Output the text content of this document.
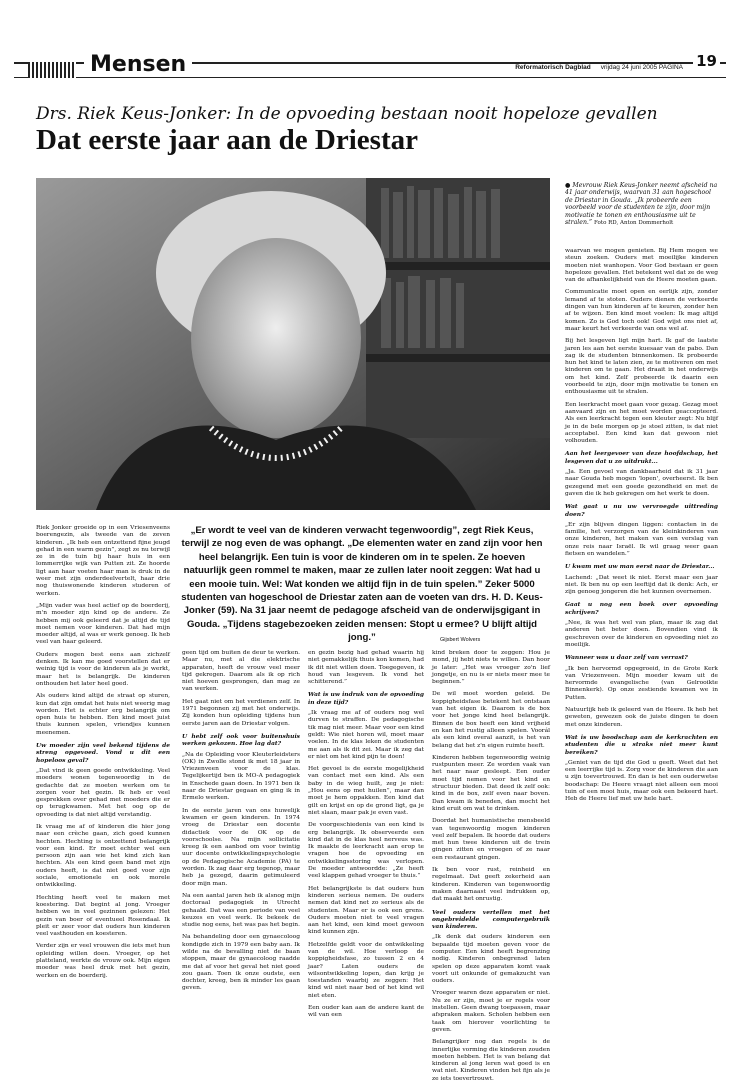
Mensen	Reformatorisch Dagblad vrijdag 24 juni 2005 PAGINA 19
Drs. Riek Keus-Jonker: In de opvoeding bestaan nooit hopeloze gevallen
Dat eerste jaar aan de Driestar
● Mevrouw Riek Keus-Jonker neemt afscheid na 41 jaar onderwijs, waarvan 31 aan hogeschool de Driestar in Gouda. „Ik probeerde een voorbeeld voor de studenten te zijn, door mijn motivatie te tonen en enthousiasme uit te stralen.” Foto RD, Anton Dommerholt
„Er wordt te veel van de kinderen verwacht tegenwoordig”, zegt Riek Keus, terwijl ze nog even de was ophangt. „De elementen water en zand zijn voor hen heel belangrijk. Een tuin is voor de kinderen om in te spelen. Ze hoeven natuurlijk geen rommel te maken, maar ze zullen later nooit zeggen: Wat had u een mooie tuin. Wel: Wat konden we altijd fijn in de tuin spelen.” Zeker 5000 studenten van hogeschool de Driestar zaten aan de voeten van drs. H. D. Keus-Jonker (59). Na 31 jaar neemt de pedagoge afscheid van de onderwijsgigant in Gouda. „Tijdens stagebezoeken zeiden mensen: Stopt u ermee? U blijft altijd jong.”	Gijsbert Wolvers

Riek Jonker groeide op in een Vriesenveens boerengezin, als tweede van de zeven kinderen. „Ik heb een ontzettend fijne jeugd gehad in een warm gezin”, zegt ze nu terwijl ze in de tuin bij haar huis in een lommerrijke wijk van Putten zit. Ze hoorde ligt aan haar voeten haar man is druk in de weer met zijn onderdeelvertelt, haar drie nog thuiswonende kinderen studeren of werken.

„Mijn vader was heel actief op de boerderij, m'n moeder zijn kind op de andere. Ze hebben mij ook geleerd dat je altijd de tijd moet nemen voor kinderen. Dat had mijn moeder altijd, al was er werk genoeg. Ik heb veel van haar geleerd.

Ouders mogen best eens aan zichzelf denken. Ik kan me goed voorstellen dat er weinig tijd is voor de kinderen als je werkt, maar het is belangrijk. De kinderen onthouden het later heel goed.

Als ouders kind altijd de straat op sturen, kun dat zijn omdat het huis niet weerig mag worden. Het is echter erg belangrijk om open huis te hebben. Een kind moet juist thuis kunnen spelen, vriendjes kunnen meenemen.

Uw moeder zijn veel bekend tijdens de streng opgevoed. Vond u dit een hopeloos geval?

„Dat vind ik geen goede ontwikkeling. Veel moeders wonen tegenwoordig in de gedachte dat ze moeten werken om te zorgen voor het gezin. Ik heb er veel gesprekken over gehad met moeders die er op terugkwamen. Met het oog op de opvoeding is dat niet altijd verstandig.

Ik vraag me af of kinderen die hier jong naar een crèche gaan, zich goed kunnen hechten. Hechting is ontzettend belangrijk voor een kind. Er moet echter wel een persoon zijn aan wie het kind zich kan hechten. Als een kind geen band met zijn ouders heeft, is dat niet goed voor zijn sociale, emotionele en ook morele ontwikkeling.

Hechting heeft veel te maken met koestering. Dat begint al jong. Vroeger hebben we in veel gezinnen gelezen: Het gezin van boer of eventueel Rosendaal. Ik pleit er zeer voor dat ouders hun kinderen veel vasthouden en koesteren.

Verder zijn er veel vrouwen die iets met hun opleiding willen doen. Vroeger, op het platteland, werkte de vrouw ook. Mijn eigen moeder was heel druk met het gezin, werken en de boerderij.

geen tijd om buiten de deur te werken. Maar nu, met al die elektrische apparaten, heeft de vrouw veel meer tijd gekregen. Daarom als ik op rich niet hoeven gesprongen, dan mag ze van werken.

Het gaat niet om het verdienen zelf. In 1971 begonnen zij met het onderwijs. Zij konden hun opleiding tijdens hun eerste jaren aan de Driestar volgen.

U hebt zelf ook voor buitenshuis werken gekozen. Hoe lag dat?

„Na de Opleiding voor Kleuterleidsters (OK) in Zwolle stond ik met 18 jaar in Vriezenveen voor de klas. Tegelijkertijd ben ik MO-A pedagogiek in Enschede gaan doen. In 1971 ben ik naar de Driestar gegaan en ging ik in Ermelo werken.

In de eerste jaren van ons huwelijk kwamen er geen kinderen. In 1974 vroeg de Driestar een docente didactiek voor de OK op de voorschoolse. Na mijn sollicitatie kreeg ik een aanbod om voor twintig uur docente ontwikkelingspsychologie op de Pedagogische Academie (PA) te worden. Ik zag daar erg tegenop, maar heb ja gezegd, daarin getimuleerd door mijn man.

Na een aantal jaren heb ik alsnog mijn doctoraal pedagogiek in Utrecht gehaald. Dat was een periode van veel keuzes en veel werk. Ik bekeek de studie nog eens, het was pas het begin.

Na behandeling door een gynaecoloog kondigde zich in 1979 een baby aan. Ik wilde na de bevalling niet de baan stoppen, maar de gynaecoloog raadde me dat af voor het geval het niet goed zou gaan. Toen ik onze oudste, een dochter, kreeg, ben ik minder les gaan geven.

en gezin bezig had gehad waarin hij niet gemakkelijk thuis kon komen, had ik dit niet willen doen. Toegegeven, ik houd van lesgeven. Ik vond het schitterend.”

Wat is uw indruk van de opvoeding in deze tijd?

„Ik vraag me af of ouders nog wel durven te straffen. De pedagogische tik mag niet meer. Maar voor een kind geldt: Wie niet horen wil, moet maar voelen. In de klas leken de studenten me aan als ik dit zei. Maar ik zeg dat er niet om het kind pijn te doen!

Het gevoel is de eerste mogelijkheid van contact met een kind. Als een baby in de wieg huilt, zeg je niet: „Hou eens op met huilen”, maar dan moet je hem oppakken. Een kind dat gilt en krijst en op de grond ligt, ga je niet slaan, maar pak je even vast.

De voorgeschiedenis van een kind is erg belangrijk. Ik observeerde een kind dat in de klas heel nerveus was. Ik maakte de leerkracht aan erop te vragen hoe de opvoeding en ontwikkelingsstoring was verlopen. De moeder antwoordde: „Ze heeft veel klappen gehad vroeger te thuis.”

Het belangrijkste is dat ouders hun kinderen serieus nemen. De ouders nemen dat kind net zo serieus als de studenten. Maar er is ook een grens. Ouders moeten niet te veel vragen aan het kind, een kind moet gewoon kind kunnen zijn.

Hetzelfde geldt voor de ontwikkeling van de wil. Hoe verloop de koppigheidsfase, zo tussen 2 en 4 jaar? Laten ouders de wilsontwikkeling lopen, dan krijg je toestanden waarbij ze zeggen: Het kind wil niet naar bed of het kind wil niet eten.

Een ouder kan aan de andere kant de wil van een

kind breken door te zeggen: Hou je mond, jij hebt niets te willen. Dan hoor je later: „Het was vroeger zo'n lief jongetje, en nu is er niets meer mee te beginnen.”

De wil moet worden geleid. De koppigheidsfase betekent het ontstaan van het eigen ik. Daarom is de box voor het jonge kind heel belangrijk. Binnen de box heeft een kind vrijheid en kan het rustig alleen spelen. Voorál als een kind overal aanzit, is het van belang dat het z'n eigen ruimte heeft.

Kinderen hebben tegenwoordig weinig rustpunten meer. Ze worden vaak van het naar naar gesleept. Een ouder moet tijd nemen voor het kind en structuur bieden. Dat deed ik zelf ook: kind in de box, zelf even naar boven. Dan kwam ik beneden, dan mocht het kind eruit om wat te drinken.

Doordat het humanistische mensbeeld van tegenwoordig mogen kinderen veel zelf bepalen. Ik hoorde dat ouders met hun twee kinderen uit de trein gingen zitten en vroegen of ze naar een restaurant gingen.

Ik ben voor rust, reinheid en regelmaat. Dat geeft zekerheid aan kinderen. Kinderen van tegenwoordig maken daarnaast veel indrukken op, dat maakt het onrustig.

Veel ouders vertellen met het ongebreidelde computergebruik van kinderen.

„Ik denk dat ouders kinderen een bepaalde tijd moeten geven voor de computer. Een kind heeft begrenzing nodig. Kinderen onbegrensd laten spelen op deze apparaten komt vaak voort uit onkunde of gemakzucht van ouders.

Vroeger waren deze apparaten er niet. Nu ze er zijn, moet je er regels voor instellen. Geen dwang toepassen, maar afspraken maken. Scholen hebben een taak om hierover voorlichting te geven.

Belangrijker nog dan regels is de innerlijke vorming die kinderen zouden moeten hebben. Het is van belang dat kinderen al jong leren wat goed is en wat niet. Kinderen vinden het fijn als je ze iets toevertrouwt.

waarvan we mogen genieten. Bij Hem mogen we steun zoeken. Ouders met moeilijke kinderen moeten niet wanhopen. Voor God bestaan er geen hopeloze gevallen. Het betekent wel dat ze de weg van de afhankelijkheid van de Heere moeten gaan.

Communicatie moet open en eerlijk zijn, zonder lemand af te stoten. Ouders dienen de verkeerde dingen van hun kinderen af te keuren, zonder hen af te wijzen. Een kind moet voelen: Ik mag altijd komen. Zo is God toch ook! God wijst ons niet af, maar keurt het verkeerde van ons wel af.

Bij het lesgeven ligt mijn hart. Ik gaf de laatste jaren les aan het eerste kuesaar van de pabo. Dan zag ik de studenten binnenkomen. Ik probeerde hun het kind te laten zien, ze te motiveren om met kinderen om te gaan. Het draait in het onderwijs om het kind. Zelf probeerde ik daarin een voorbeeld te zijn, door mijn motivatie te tonen en enthousiasme uit te stralen.

Een leerkracht moet gaan voor gezag. Gezag moet aanvaard zijn en het moet worden geaccepteerd. Als een leerkracht tegen een kleuter zegt: Nu blijf je in de bele morgen op je stoel zitten, is dat niet acceptabel. Een kind kan dat gewoon niet volhouden.

Aan het leergevoer van deze hoofdschap, het lesgeven dat u zo uitdrukt...

„Ja. Een gevoel van dankbaarheid dat ik 31 jaar naar Gouda heb mogen 'lopen', overheerst. Ik ben gezegend met een goede gezondheid en met de gaven die ik heb gekregen om het werk te doen.

Wat gaat u nu uw vervroegde uittreding doen?

„Er zijn blijven dingen liggen: contacten in de familie, het verzorgen van de kleinkinderen van onze kinderen, het maken van een verslag van onze reis naar Israël. Ik wil graag weer gaan fietsen en wandelen.”

U kwam met uw man eerst naar de Driestar...

Lachend: „Dat weet ik niet. Eerst maar een jaar niet. Ik ben nu op een leeftijd dat ik denk: Ach, er zijn genoeg jongeren die het kunnen overnemen.

Gaat u nog een boek over opvoeding schrijven?

„Nee, ik was het wel van plan, maar ik zag dat anderen het beter doen. Bovendien vind ik geschreven over de kinderen en opvoeding niet zo moeilijk.

Wanneer was u daar zelf van verrast?

„Ik ben hervormd opgegroeid, in de Grote Kerk van Vriezenveen. Mijn moeder kwam uit de hervormde evangelische (van Gelrooikte Binnenkerk). Op onze zestiende kwamen we in Putten.

Natuurlijk heb ik geleerd van de Heere. Ik heb het geweten, gewezen ook de juiste dingen te doen met onze kinderen.

Wat is uw boodschap aan de kerkrachten en studenten die u straks niet meer kunt bereiken?

„Geniet van de tijd die God u geeft. Weet dat het een leerrijke tijd is. Zorg voor de kinderen die aan u zijn toevertrouwd. En dan is het een ouderwetse boodschap: De Heere vraagt niet alleen een mooi tuin of een mooi huis, maar ook een bekeerd hart. Heb de Heere lief met uw hele hart.
